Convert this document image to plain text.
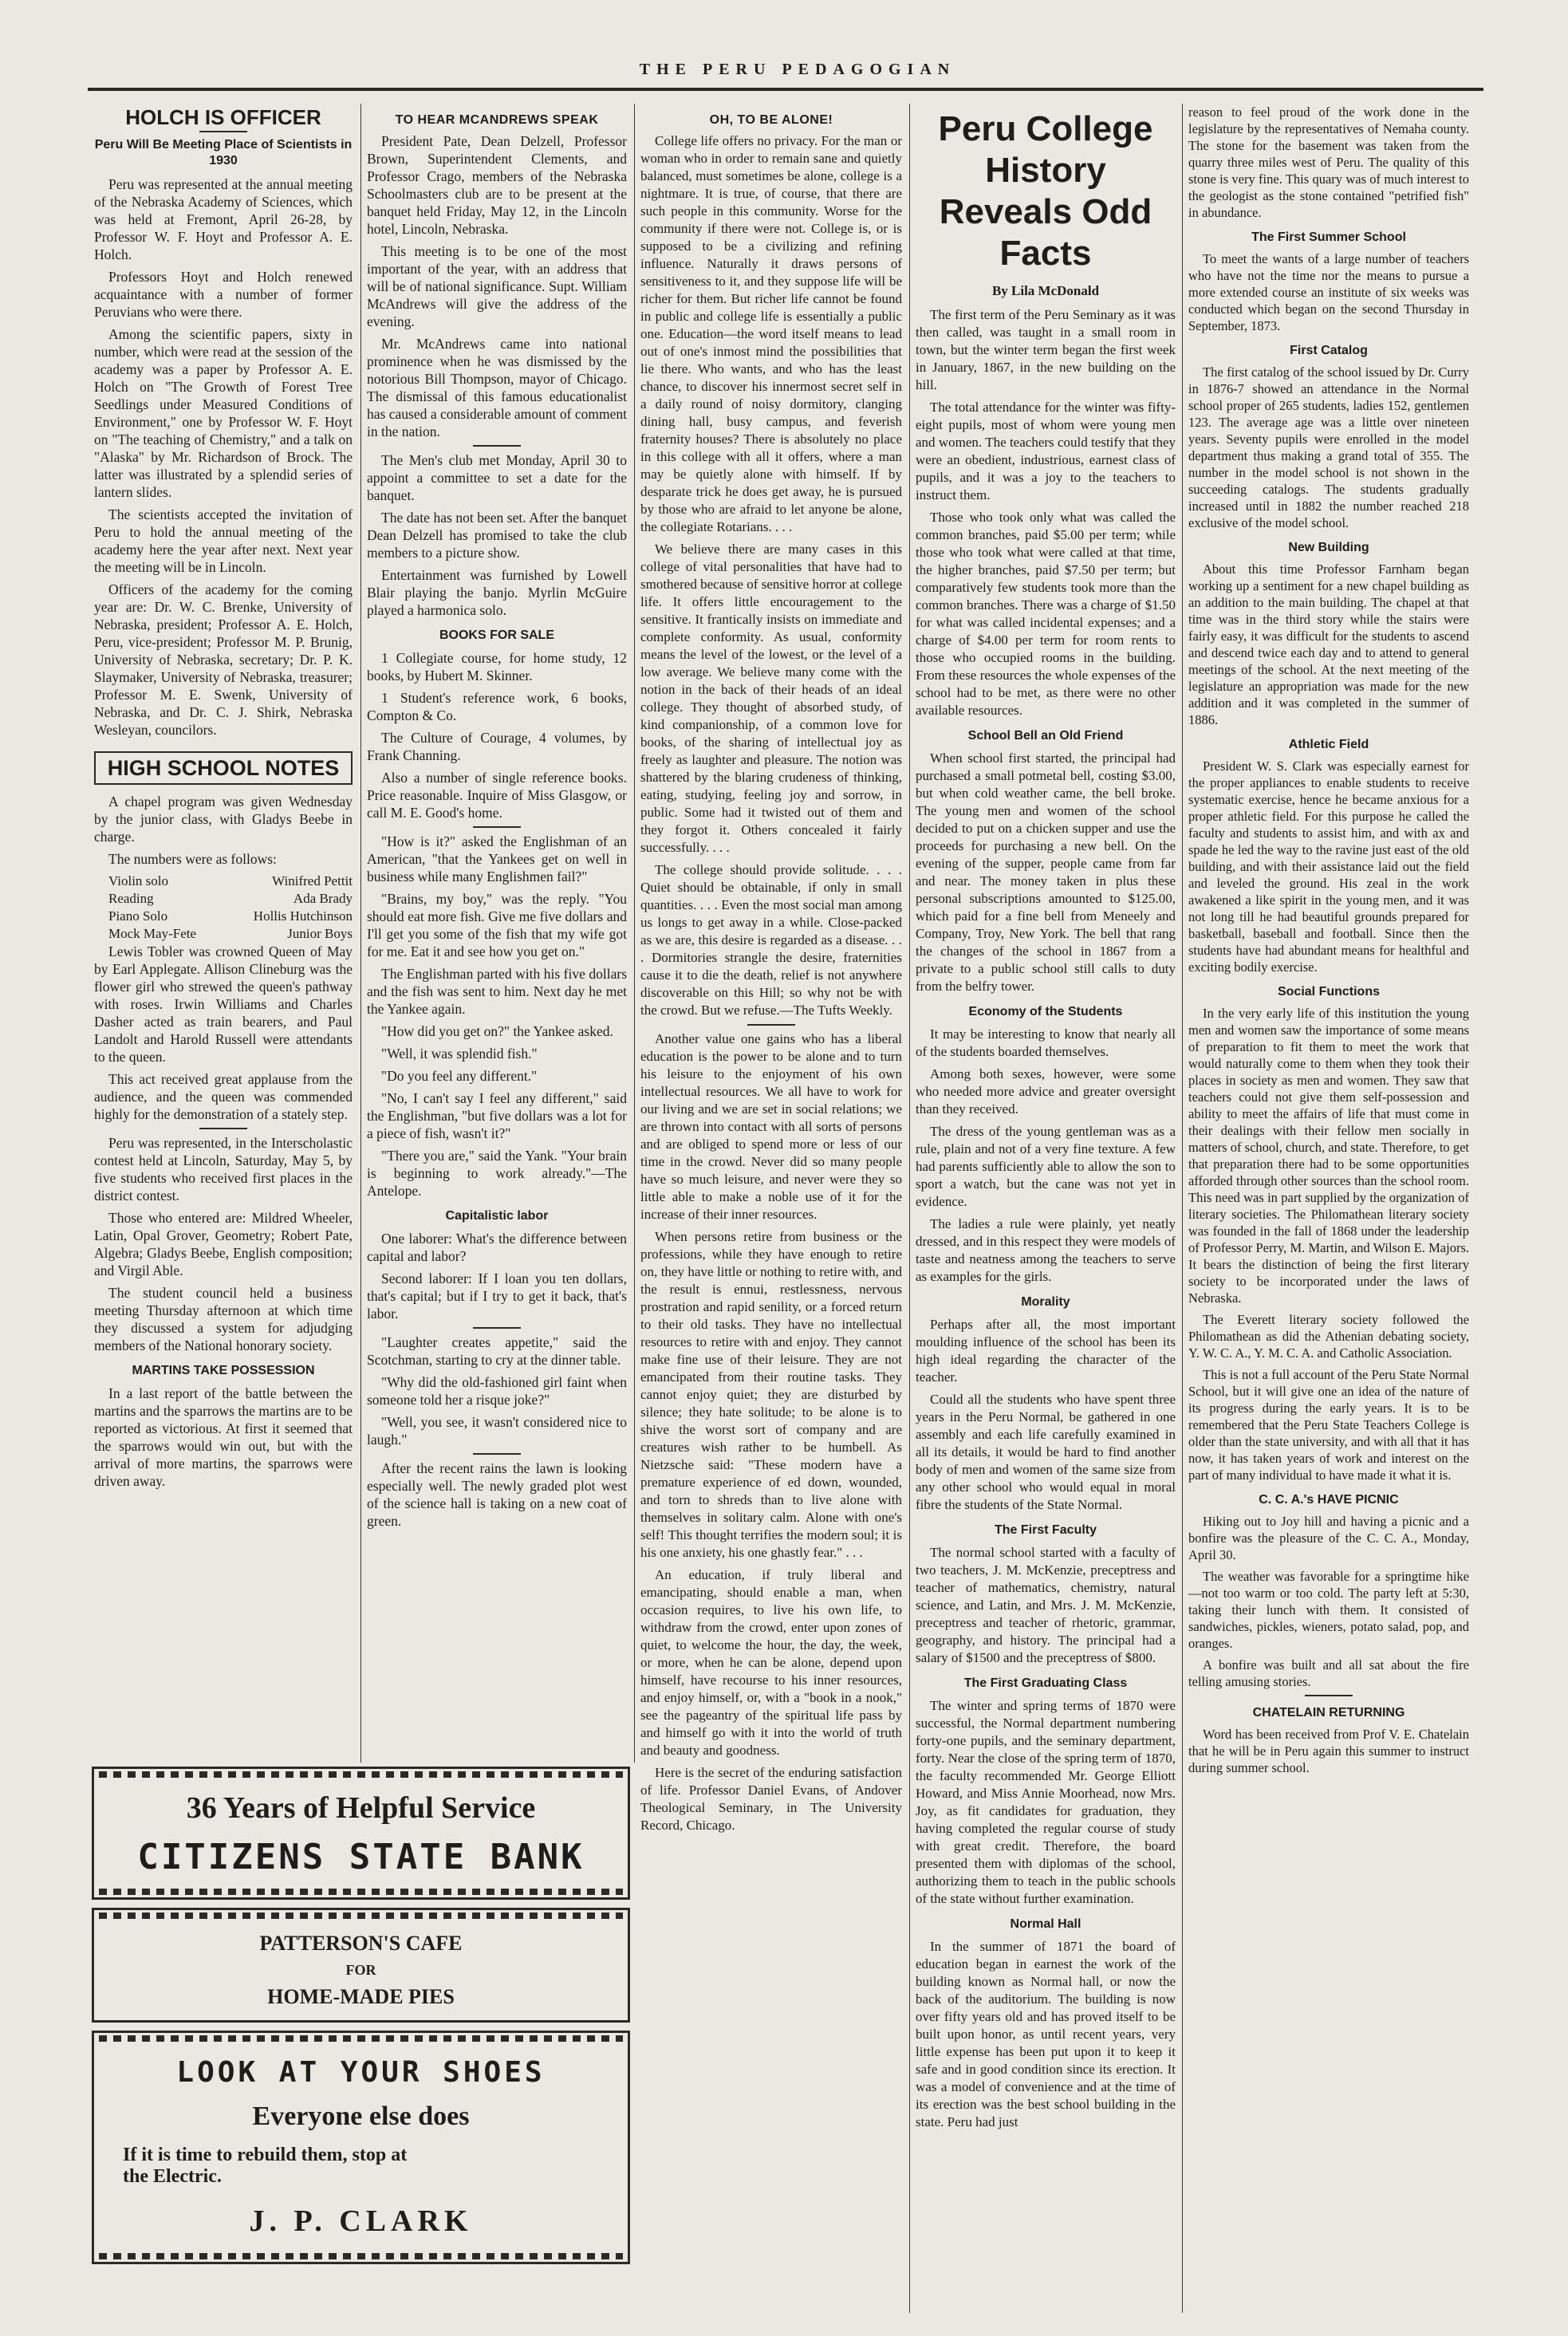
THE PERU PEDAGOGIAN
HOLCH IS OFFICER
Peru Will Be Meeting Place of Scientists in 1930

Peru was represented at the annual meeting of the Nebraska Academy of Sciences, which was held at Fremont, April 26-28, by Professor W. F. Hoyt and Professor A. E. Holch.

Professors Hoyt and Holch renewed acquaintance with a number of former Peruvians who were there.

Among the scientific papers, sixty in number, which were read at the session of the academy was a paper by Professor A. E. Holch on "The Growth of Forest Tree Seedlings under Measured Conditions of Environment," one by Professor W. F. Hoyt on "The teaching of Chemistry," and a talk on "Alaska" by Mr. Richardson of Brock. The latter was illustrated by a splendid series of lantern slides.

The scientists accepted the invitation of Peru to hold the annual meeting of the academy here the year after next. Next year the meeting will be in Lincoln.

Officers of the academy for the coming year are: Dr. W. C. Brenke, University of Nebraska, president; Professor A. E. Holch, Peru, vice-president; Professor M. P. Brunig, University of Nebraska, secretary; Dr. P. K. Slaymaker, University of Nebraska, treasurer; Professor M. E. Swenk, University of Nebraska, and Dr. C. J. Shirk, Nebraska Wesleyan, councilors.

HIGH SCHOOL NOTES

A chapel program was given Wednesday by the junior class, with Gladys Beebe in charge.

The numbers were as follows:

Violin solo	Winifred Pettit
Reading	Ada Brady
Piano Solo	Hollis Hutchinson
Mock May-Fete	Junior Boys

Lewis Tobler was crowned Queen of May by Earl Applegate. Allison Clineburg was the flower girl who strewed the queen's pathway with roses. Irwin Williams and Charles Dasher acted as train bearers, and Paul Landolt and Harold Russell were attendants to the queen.

This act received great applause from the audience, and the queen was commended highly for the demonstration of a stately step.

Peru was represented, in the Interscholastic contest held at Lincoln, Saturday, May 5, by five students who received first places in the district contest.

Those who entered are: Mildred Wheeler, Latin, Opal Grover, Geometry; Robert Pate, Algebra; Gladys Beebe, English composition; and Virgil Able.

The student council held a business meeting Thursday afternoon at which time they discussed a system for adjudging members of the National honorary society.

MARTINS TAKE POSSESSION

In a last report of the battle between the martins and the sparrows the martins are to be reported as victorious. At first it seemed that the sparrows would win out, but with the arrival of more martins, the sparrows were driven away.

TO HEAR MCANDREWS SPEAK

President Pate, Dean Delzell, Professor Brown, Superintendent Clements, and Professor Crago, members of the Nebraska Schoolmasters club are to be present at the banquet held Friday, May 12, in the Lincoln hotel, Lincoln, Nebraska.

This meeting is to be one of the most important of the year, with an address that will be of national significance. Supt. William McAndrews will give the address of the evening.

Mr. McAndrews came into national prominence when he was dismissed by the notorious Bill Thompson, mayor of Chicago. The dismissal of this famous educationalist has caused a considerable amount of comment in the nation.

The Men's club met Monday, April 30 to appoint a committee to set a date for the banquet.

The date has not been set. After the banquet Dean Delzell has promised to take the club members to a picture show.

Entertainment was furnished by Lowell Blair playing the banjo. Myrlin McGuire played a harmonica solo.

BOOKS FOR SALE

1 Collegiate course, for home study, 12 books, by Hubert M. Skinner.

1 Student's reference work, 6 books, Compton & Co.

The Culture of Courage, 4 volumes, by Frank Channing.

Also a number of single reference books. Price reasonable. Inquire of Miss Glasgow, or call M. E. Good's home.

"How is it?" asked the Englishman of an American, "that the Yankees get on well in business while many Englishmen fail?"

"Brains, my boy," was the reply. "You should eat more fish. Give me five dollars and I'll get you some of the fish that my wife got for me. Eat it and see how you get on."

The Englishman parted with his five dollars and the fish was sent to him. Next day he met the Yankee again.

"How did you get on?" the Yankee asked.

"Well, it was splendid fish."

"Do you feel any different."

"No, I can't say I feel any different," said the Englishman, "but five dollars was a lot for a piece of fish, wasn't it?"

"There you are," said the Yank. "Your brain is beginning to work already."—The Antelope.

Capitalistic labor

One laborer: What's the difference between capital and labor?

Second laborer: If I loan you ten dollars, that's capital; but if I try to get it back, that's labor.

"Laughter creates appetite," said the Scotchman, starting to cry at the dinner table.

"Why did the old-fashioned girl faint when someone told her a risque joke?"

"Well, you see, it wasn't considered nice to laugh."

After the recent rains the lawn is looking especially well. The newly graded plot west of the science hall is taking on a new coat of green.

OH, TO BE ALONE!

College life offers no privacy. For the man or woman who in order to remain sane and quietly balanced, must sometimes be alone, college is a nightmare. It is true, of course, that there are such people in this community. Worse for the community if there were not. College is, or is supposed to be a civilizing and refining influence. Naturally it draws persons of sensitiveness to it, and they suppose life will be richer for them. But richer life cannot be found in public and college life is essentially a public one. Education—the word itself means to lead out of one's inmost mind the possibilities that lie there. Who wants, and who has the least chance, to discover his innermost secret self in a daily round of noisy dormitory, clanging dining hall, busy campus, and feverish fraternity houses? There is absolutely no place in this college with all it offers, where a man may be quietly alone with himself. If by desparate trick he does get away, he is pursued by those who are afraid to let anyone be alone, the collegiate Rotarians. . . .

We believe there are many cases in this college of vital personalities that have had to smothered because of sensitive horror at college life. It offers little encouragement to the sensitive. It frantically insists on immediate and complete conformity. As usual, conformity means the level of the lowest, or the level of a low average. We believe many come with the notion in the back of their heads of an ideal college. They thought of absorbed study, of kind companionship, of a common love for books, of the sharing of intellectual joy as freely as laughter and pleasure. The notion was shattered by the blaring crudeness of thinking, eating, studying, feeling joy and sorrow, in public. Some had it twisted out of them and they forgot it. Others concealed it fairly successfully. . . .

The college should provide solitude. . . . Quiet should be obtainable, if only in small quantities. . . . Even the most social man among us longs to get away in a while. Close-packed as we are, this desire is regarded as a disease. . . . Dormitories strangle the desire, fraternities cause it to die the death, relief is not anywhere discoverable on this Hill; so why not be with the crowd. But we refuse.—The Tufts Weekly.

Another value one gains who has a liberal education is the power to be alone and to turn his leisure to the enjoyment of his own intellectual resources. We all have to work for our living and we are set in social relations; we are thrown into contact with all sorts of persons and are obliged to spend more or less of our time in the crowd. Never did so many people have so much leisure, and never were they so little able to make a noble use of it for the increase of their inner resources.

When persons retire from business or the professions, while they have enough to retire on, they have little or nothing to retire with, and the result is ennui, restlessness, nervous prostration and rapid senility, or a forced return to their old tasks. They have no intellectual resources to retire with and enjoy. They cannot make fine use of their leisure. They are not emancipated from their routine tasks. They cannot enjoy quiet; they are disturbed by silence; they hate solitude; to be alone is to shive the worst sort of company and are creatures wish rather to be humbell. As Nietzsche said: "These modern have a premature experience of ed down, wounded, and torn to shreds than to live alone with themselves in solitary calm. Alone with one's self! This thought terrifies the modern soul; it is his one anxiety, his one ghastly fear." . . .

An education, if truly liberal and emancipating, should enable a man, when occasion requires, to live his own life, to withdraw from the crowd, enter upon zones of quiet, to welcome the hour, the day, the week, or more, when he can be alone, depend upon himself, have recourse to his inner resources, and enjoy himself, or, with a "book in a nook," see the pageantry of the spiritual life pass by and himself go with it into the world of truth and beauty and goodness.

Here is the secret of the enduring satisfaction of life. Professor Daniel Evans, of Andover Theological Seminary, in The University Record, Chicago.

Peru College History Reveals Odd Facts
By Lila McDonald

The first term of the Peru Seminary as it was then called, was taught in a small room in town, but the winter term began the first week in January, 1867, in the new building on the hill.

The total attendance for the winter was fifty-eight pupils, most of whom were young men and women. The teachers could testify that they were an obedient, industrious, earnest class of pupils, and it was a joy to the teachers to instruct them.

Those who took only what was called the common branches, paid $5.00 per term; while those who took what were called at that time, the higher branches, paid $7.50 per term; but comparatively few students took more than the common branches. There was a charge of $1.50 for what was called incidental expenses; and a charge of $4.00 per term for room rents to those who occupied rooms in the building. From these resources the whole expenses of the school had to be met, as there were no other available resources.

School Bell an Old Friend

When school first started, the principal had purchased a small potmetal bell, costing $3.00, but when cold weather came, the bell broke. The young men and women of the school decided to put on a chicken supper and use the proceeds for purchasing a new bell. On the evening of the supper, people came from far and near. The money taken in plus these personal subscriptions amounted to $125.00, which paid for a fine bell from Meneely and Company, Troy, New York. The bell that rang the changes of the school in 1867 from a private to a public school still calls to duty from the belfry tower.

Economy of the Students

It may be interesting to know that nearly all of the students boarded themselves.

Among both sexes, however, were some who needed more advice and greater oversight than they received.

The dress of the young gentleman was as a rule, plain and not of a very fine texture. A few had parents sufficiently able to allow the son to sport a watch, but the cane was not yet in evidence.

The ladies a rule were plainly, yet neatly dressed, and in this respect they were models of taste and neatness among the teachers to serve as examples for the girls.

Morality

Perhaps after all, the most important moulding influence of the school has been its high ideal regarding the character of the teacher.

Could all the students who have spent three years in the Peru Normal, be gathered in one assembly and each life carefully examined in all its details, it would be hard to find another body of men and women of the same size from any other school who would equal in moral fibre the students of the State Normal.

The First Faculty

The normal school started with a faculty of two teachers, J. M. McKenzie, preceptress and teacher of mathematics, chemistry, natural science, and Latin, and Mrs. J. M. McKenzie, preceptress and teacher of rhetoric, grammar, geography, and history. The principal had a salary of $1500 and the preceptress of $800.

The First Graduating Class

The winter and spring terms of 1870 were successful, the Normal department numbering forty-one pupils, and the seminary department, forty. Near the close of the spring term of 1870, the faculty recommended Mr. George Elliott Howard, and Miss Annie Moorhead, now Mrs. Joy, as fit candidates for graduation, they having completed the regular course of study with great credit. Therefore, the board presented them with diplomas of the school, authorizing them to teach in the public schools of the state without further examination.

Normal Hall

In the summer of 1871 the board of education began in earnest the work of the building known as Normal hall, or now the back of the auditorium. The building is now over fifty years old and has proved itself to be built upon honor, as until recent years, very little expense has been put upon it to keep it safe and in good condition since its erection. It was a model of convenience and at the time of its erection was the best school building in the state. Peru had just

reason to feel proud of the work done in the legislature by the representatives of Nemaha county. The stone for the basement was taken from the quarry three miles west of Peru. The quality of this stone is very fine. This quary was of much interest to the geologist as the stone contained "petrified fish" in abundance.

The First Summer School

To meet the wants of a large number of teachers who have not the time nor the means to pursue a more extended course an institute of six weeks was conducted which began on the second Thursday in September, 1873.

First Catalog

The first catalog of the school issued by Dr. Curry in 1876-7 showed an attendance in the Normal school proper of 265 students, ladies 152, gentlemen 123. The average age was a little over nineteen years. Seventy pupils were enrolled in the model department thus making a grand total of 355. The number in the model school is not shown in the succeeding catalogs. The students gradually increased until in 1882 the number reached 218 exclusive of the model school.

New Building

About this time Professor Farnham began working up a sentiment for a new chapel building as an addition to the main building. The chapel at that time was in the third story while the stairs were fairly easy, it was difficult for the students to ascend and descend twice each day and to attend to general meetings of the school. At the next meeting of the legislature an appropriation was made for the new addition and it was completed in the summer of 1886.

Athletic Field

President W. S. Clark was especially earnest for the proper appliances to enable students to receive systematic exercise, hence he became anxious for a proper athletic field. For this purpose he called the faculty and students to assist him, and with ax and spade he led the way to the ravine just east of the old building, and with their assistance laid out the field and leveled the ground. His zeal in the work awakened a like spirit in the young men, and it was not long till he had beautiful grounds prepared for basketball, baseball and football. Since then the students have had abundant means for healthful and exciting bodily exercise.

Social Functions

In the very early life of this institution the young men and women saw the importance of some means of preparation to fit them to meet the work that would naturally come to them when they took their places in society as men and women. They saw that teachers could not give them self-possession and ability to meet the affairs of life that must come in their dealings with their fellow men socially in matters of school, church, and state. Therefore, to get that preparation there had to be some opportunities afforded through other sources than the school room. This need was in part supplied by the organization of literary societies. The Philomathean literary society was founded in the fall of 1868 under the leadership of Professor Perry, M. Martin, and Wilson E. Majors. It bears the distinction of being the first literary society to be incorporated under the laws of Nebraska.

The Everett literary society followed the Philomathean as did the Athenian debating society, Y. W. C. A., Y. M. C. A. and Catholic Association.

This is not a full account of the Peru State Normal School, but it will give one an idea of the nature of its progress during the early years. It is to be remembered that the Peru State Teachers College is older than the state university, and with all that it has now, it has taken years of work and interest on the part of many individual to have made it what it is.

C. C. A.'s HAVE PICNIC

Hiking out to Joy hill and having a picnic and a bonfire was the pleasure of the C. C. A., Monday, April 30.

The weather was favorable for a springtime hike—not too warm or too cold. The party left at 5:30, taking their lunch with them. It consisted of sandwiches, pickles, wieners, potato salad, pop, and oranges.

A bonfire was built and all sat about the fire telling amusing stories.

CHATELAIN RETURNING

Word has been received from Prof V. E. Chatelain that he will be in Peru again this summer to instruct during summer school.

36 Years of Helpful Service
CITIZENS STATE BANK
PATTERSON'S CAFE
FOR
HOME-MADE PIES
LOOK AT YOUR SHOES
Everyone else does
If it is time to rebuild them, stop at
the Electric.
J. P. CLARK
